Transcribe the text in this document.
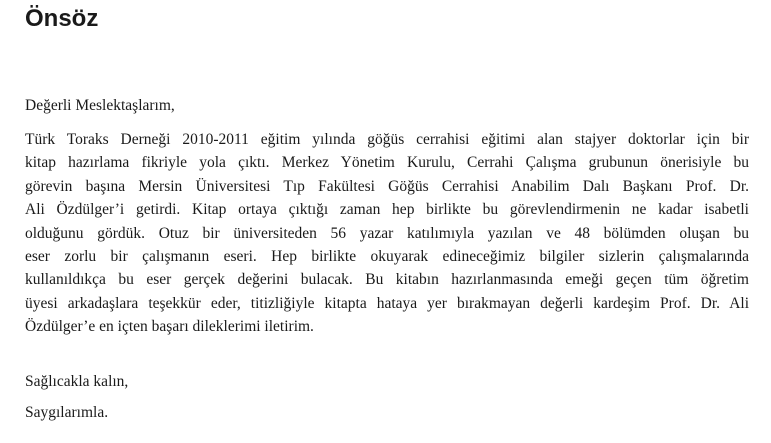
Önsöz

Değerli Meslektaşlarım,

Türk Toraks Derneği 2010-2011 eğitim yılında göğüs cerrahisi eğitimi alan stajyer doktorlar için bir
kitap hazırlama fikriyle yola çıktı. Merkez Yönetim Kurulu, Cerrahi Çalışma grubunun önerisiyle bu
görevin başına Mersin Üniversitesi Tıp Fakültesi Göğüs Cerrahisi Anabilim Dalı Başkanı Prof. Dr.
Ali Özdülger’i getirdi. Kitap ortaya çıktığı zaman hep birlikte bu görevlendirmenin ne kadar isabetli
olduğunu gördük. Otuz bir üniversiteden 56 yazar katılımıyla yazılan ve 48 bölümden oluşan bu
eser zorlu bir çalışmanın eseri. Hep birlikte okuyarak edineceğimiz bilgiler sizlerin çalışmalarında
kullanıldıkça bu eser gerçek değerini bulacak. Bu kitabın hazırlanmasında emeği geçen tüm öğretim
üyesi arkadaşlara teşekkür eder, titizliğiyle kitapta hataya yer bırakmayan değerli kardeşim Prof. Dr. Ali
Özdülger’e en içten başarı dileklerimi iletirim.

Sağlıcakla kalın,

Saygılarımla.
